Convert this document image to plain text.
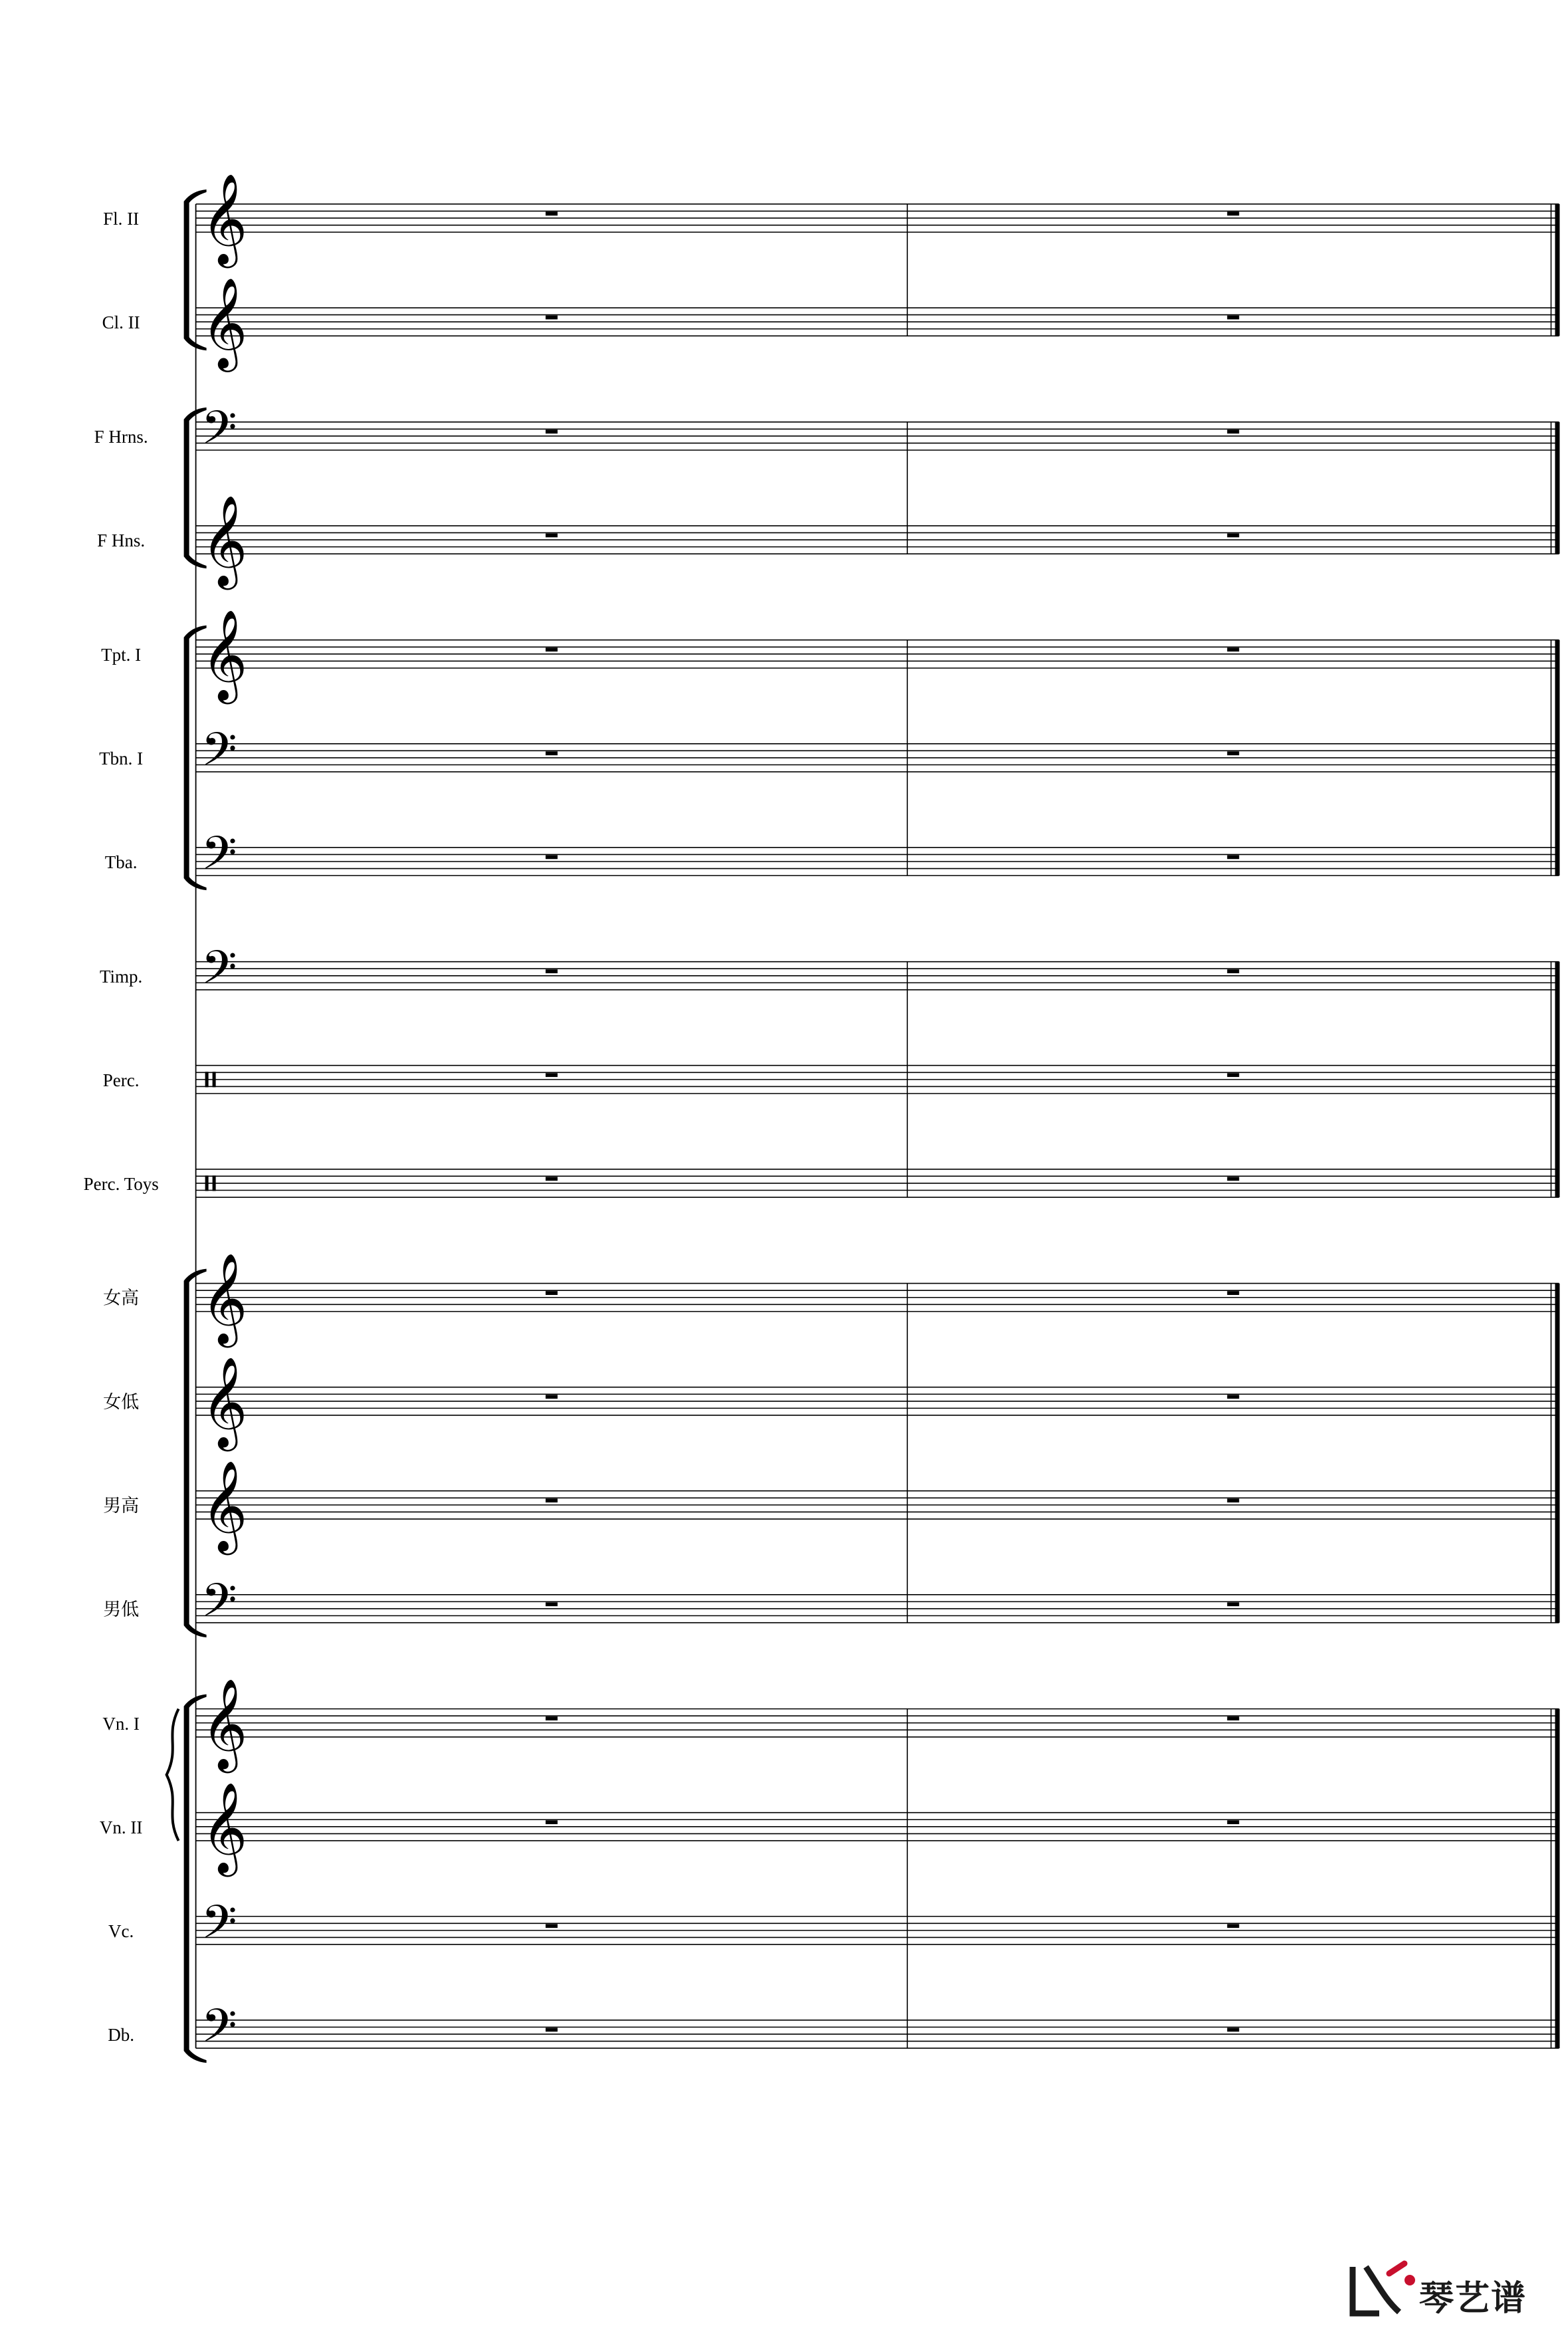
Fl. II
Cl. II
F Hrns.
F Hns.
Tpt. I
Tbn. I
Tba.
Timp.
Perc.
Perc. Toys
女高
女低
男高
男低
Vn. I
Vn. II
Vc.
Db.
𝄞
𝄞
𝄢
𝄞
𝄞
𝄢
𝄢
𝄢
𝄞
𝄞
𝄞
𝄢
𝄞
𝄞
𝄢
𝄢
琴艺谱
